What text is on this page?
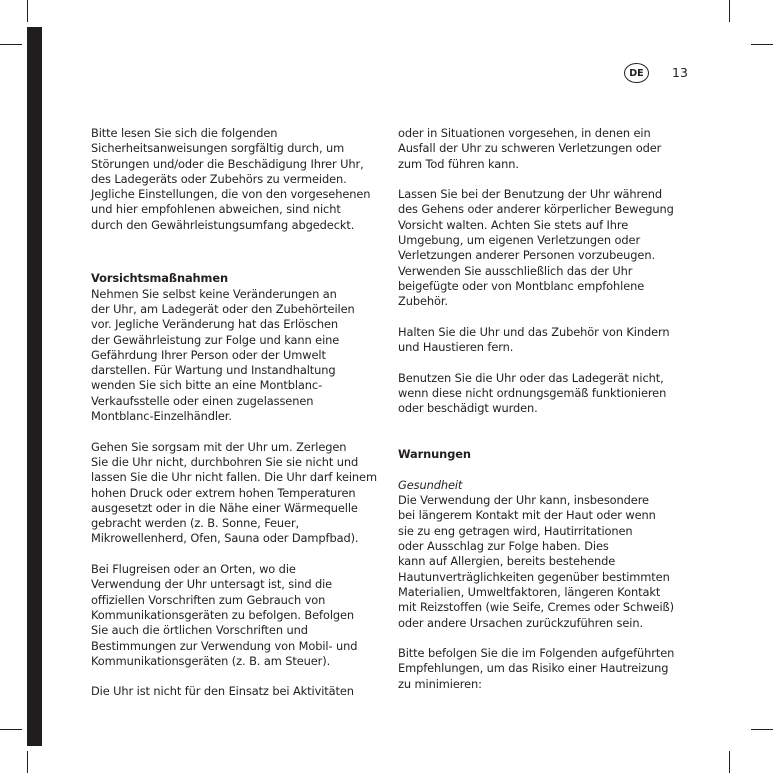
DE	13

Bitte lesen Sie sich die folgenden

Sicherheitsanweisungen sorgfältig durch, um

Störungen und/oder die Beschädigung Ihrer Uhr,

des Ladegeräts oder Zubehörs zu vermeiden.

Jegliche Einstellungen, die von den vorgesehenen

und hier empfohlenen abweichen, sind nicht

durch den Gewährleistungsumfang abgedeckt.

Vorsichtsmaßnahmen

Nehmen Sie selbst keine Veränderungen an

der Uhr, am Ladegerät oder den Zubehörteilen

vor. Jegliche Veränderung hat das Erlöschen

der Gewährleistung zur Folge und kann eine

Gefährdung Ihrer Person oder der Umwelt

darstellen. Für Wartung und Instandhaltung

wenden Sie sich bitte an eine Montblanc-

Verkaufsstelle oder einen zugelassenen

Montblanc-Einzelhändler.

Gehen Sie sorgsam mit der Uhr um. Zerlegen

Sie die Uhr nicht, durchbohren Sie sie nicht und

lassen Sie die Uhr nicht fallen. Die Uhr darf keinem

hohen Druck oder extrem hohen Temperaturen

ausgesetzt oder in die Nähe einer Wärmequelle

gebracht werden (z. B. Sonne, Feuer,

Mikrowellenherd, Ofen, Sauna oder Dampfbad).

Bei Flugreisen oder an Orten, wo die

Verwendung der Uhr untersagt ist, sind die

offiziellen Vorschriften zum Gebrauch von

Kommunikationsgeräten zu befolgen. Befolgen

Sie auch die örtlichen Vorschriften und

Bestimmungen zur Verwendung von Mobil- und

Kommunikationsgeräten (z. B. am Steuer).

Die Uhr ist nicht für den Einsatz bei Aktivitäten

oder in Situationen vorgesehen, in denen ein

Ausfall der Uhr zu schweren Verletzungen oder

zum Tod führen kann.

Lassen Sie bei der Benutzung der Uhr während

des Gehens oder anderer körperlicher Bewegung

Vorsicht walten. Achten Sie stets auf Ihre

Umgebung, um eigenen Verletzungen oder

Verletzungen anderer Personen vorzubeugen.

Verwenden Sie ausschließlich das der Uhr

beigefügte oder von Montblanc empfohlene

Zubehör.

Halten Sie die Uhr und das Zubehör von Kindern

und Haustieren fern.

Benutzen Sie die Uhr oder das Ladegerät nicht,

wenn diese nicht ordnungsgemäß funktionieren

oder beschädigt wurden.

Warnungen

Gesundheit

Die Verwendung der Uhr kann, insbesondere

bei längerem Kontakt mit der Haut oder wenn

sie zu eng getragen wird, Hautirritationen

oder Ausschlag zur Folge haben. Dies

kann auf Allergien, bereits bestehende

Hautunverträglichkeiten gegenüber bestimmten

Materialien, Umweltfaktoren, längeren Kontakt

mit Reizstoffen (wie Seife, Cremes oder Schweiß)

oder andere Ursachen zurückzuführen sein.

Bitte befolgen Sie die im Folgenden aufgeführten

Empfehlungen, um das Risiko einer Hautreizung

zu minimieren:
